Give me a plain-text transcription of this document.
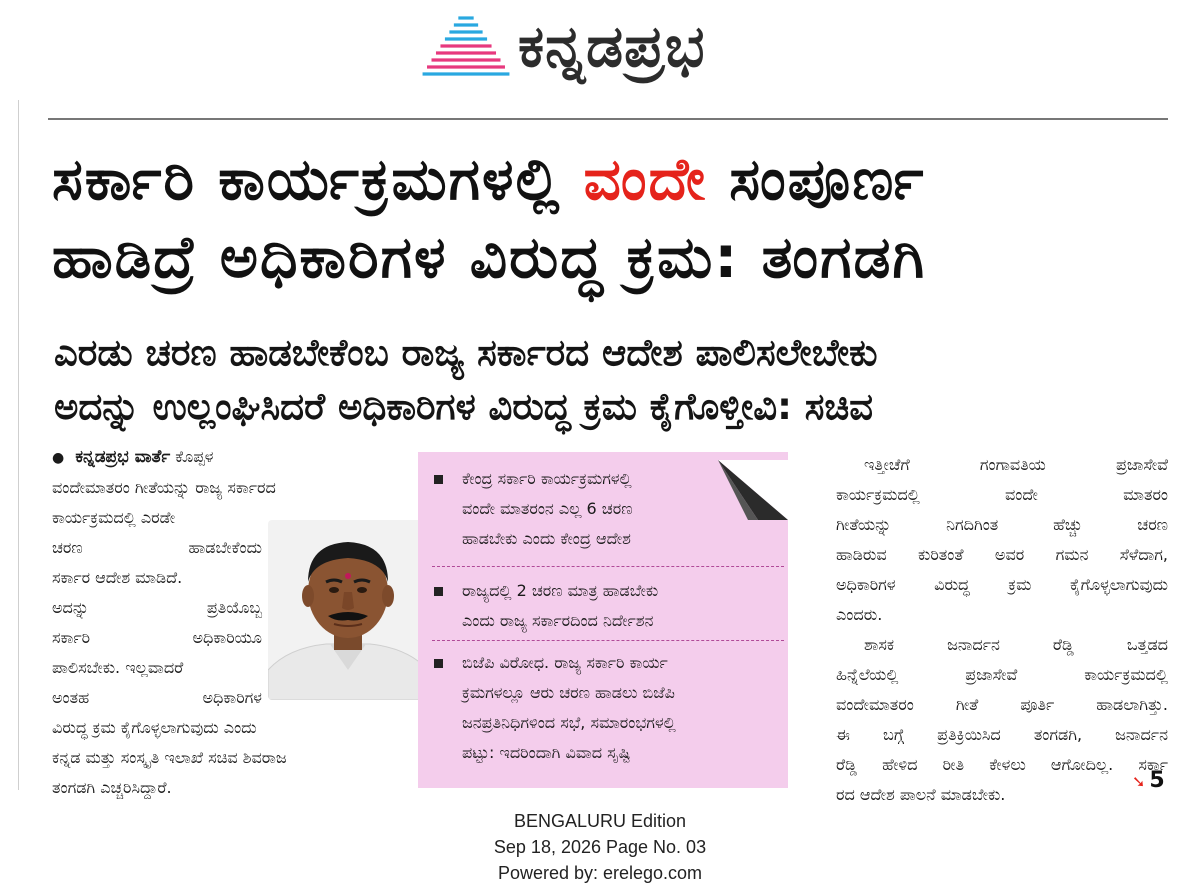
ಕನ್ನಡಪ್ರಭ
ಸರ್ಕಾರಿ ಕಾರ್ಯಕ್ರಮಗಳಲ್ಲಿ ವಂದೇ ಸಂಪೂರ್ಣ
ಹಾಡಿದ್ರೆ ಅಧಿಕಾರಿಗಳ ವಿರುದ್ಧ ಕ್ರಮ: ತಂಗಡಗಿ
ಎರಡು ಚರಣ ಹಾಡಬೇಕೆಂಬ ರಾಜ್ಯ ಸರ್ಕಾರದ ಆದೇಶ ಪಾಲಿಸಲೇಬೇಕು
ಅದನ್ನು ಉಲ್ಲಂಘಿಸಿದರೆ ಅಧಿಕಾರಿಗಳ ವಿರುದ್ಧ ಕ್ರಮ ಕೈಗೊಳ್ತೀವಿ: ಸಚಿವ
● ಕನ್ನಡಪ್ರಭ ವಾರ್ತೆ ಕೊಪ್ಪಳ
ವಂದೇಮಾತರಂ ಗೀತೆಯನ್ನು ರಾಜ್ಯ ಸರ್ಕಾರದ
ಕಾರ್ಯಕ್ರಮದಲ್ಲಿ ಎರಡೇ
ಚರಣ ಹಾಡಬೇಕೆಂದು
ಸರ್ಕಾರ ಆದೇಶ ಮಾಡಿದೆ.
ಅದನ್ನು ಪ್ರತಿಯೊಬ್ಬ
ಸರ್ಕಾರಿ ಅಧಿಕಾರಿಯೂ
ಪಾಲಿಸಬೇಕು. ಇಲ್ಲವಾದರೆ
ಅಂತಹ ಅಧಿಕಾರಿಗಳ
ವಿರುದ್ಧ ಕ್ರಮ ಕೈಗೊಳ್ಳಲಾಗುವುದು ಎಂದು
ಕನ್ನಡ ಮತ್ತು ಸಂಸ್ಕೃತಿ ಇಲಾಖೆ ಸಚಿವ ಶಿವರಾಜ
ತಂಗಡಗಿ ಎಚ್ಚರಿಸಿದ್ದಾರೆ.
ಕೇಂದ್ರ ಸರ್ಕಾರಿ ಕಾರ್ಯಕ್ರಮಗಳಲ್ಲಿ
ವಂದೇ ಮಾತರಂನ ಎಲ್ಲ 6 ಚರಣ
ಹಾಡಬೇಕು ಎಂದು ಕೇಂದ್ರ ಆದೇಶ
ರಾಜ್ಯದಲ್ಲಿ 2 ಚರಣ ಮಾತ್ರ ಹಾಡಬೇಕು
ಎಂದು ರಾಜ್ಯ ಸರ್ಕಾರದಿಂದ ನಿರ್ದೇಶನ
ಬಿಜೆಪಿ ವಿರೋಧ. ರಾಜ್ಯ ಸರ್ಕಾರಿ ಕಾರ್ಯ
ಕ್ರಮಗಳಲ್ಲೂ ಆರು ಚರಣ ಹಾಡಲು ಬಿಜೆಪಿ
ಜನಪ್ರತಿನಿಧಿಗಳಿಂದ ಸಭೆ, ಸಮಾರಂಭಗಳಲ್ಲಿ
ಪಟ್ಟು: ಇದರಿಂದಾಗಿ ವಿವಾದ ಸೃಷ್ಟಿ
ಇತ್ತೀಚೆಗೆ ಗಂಗಾವತಿಯ ಪ್ರಜಾಸೇವೆ
ಕಾರ್ಯಕ್ರಮದಲ್ಲಿ ವಂದೇ ಮಾತರಂ
ಗೀತೆಯನ್ನು ನಿಗದಿಗಿಂತ ಹೆಚ್ಚು ಚರಣ
ಹಾಡಿರುವ ಕುರಿತಂತೆ ಅವರ ಗಮನ ಸೆಳೆದಾಗ,
ಅಧಿಕಾರಿಗಳ ವಿರುದ್ಧ ಕ್ರಮ ಕೈಗೊಳ್ಳಲಾಗುವುದು
ಎಂದರು.
ಶಾಸಕ ಜನಾರ್ದನ ರೆಡ್ಡಿ ಒತ್ತಡದ
ಹಿನ್ನೆಲೆಯಲ್ಲಿ ಪ್ರಜಾಸೇವೆ ಕಾರ್ಯಕ್ರಮದಲ್ಲಿ
ವಂದೇಮಾತರಂ ಗೀತೆ ಪೂರ್ತಿ ಹಾಡಲಾಗಿತ್ತು.
ಈ ಬಗ್ಗೆ ಪ್ರತಿಕ್ರಿಯಿಸಿದ ತಂಗಡಗಿ, ಜನಾರ್ದನ
ರೆಡ್ಡಿ ಹೇಳಿದ ರೀತಿ ಕೇಳಲು ಆಗೋದಿಲ್ಲ. ಸರ್ಕಾ
ರದ ಆದೇಶ ಪಾಲನೆ ಮಾಡಬೇಕು.
➘ 5
BENGALURU Edition
Sep 18, 2026 Page No. 03
Powered by: erelego.com
